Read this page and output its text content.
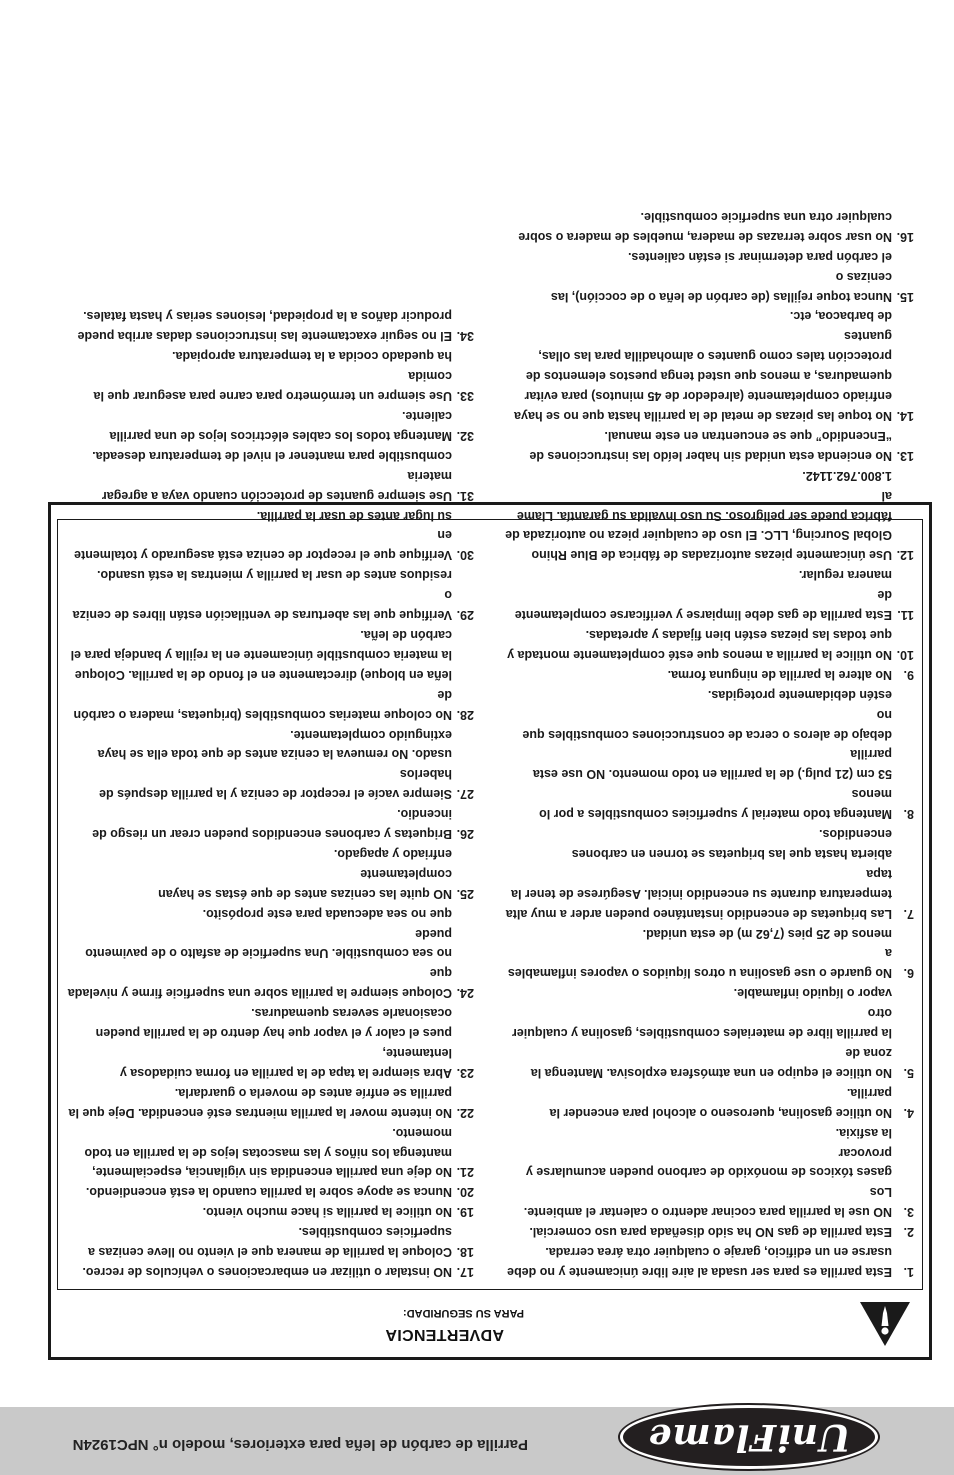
UniFlame
Parrilla de carbón de leña para exteriores, modelo n° NPC1924N
ADVERTENCIA
PARA SU SEGURIDAD:
1.
Esta parrilla es para ser usada al aire libre únicamente y no debe
usarse en un edificio, garaje o cualquier otra área cerrada.
2.
Esta parrilla de gas NO ha sido diseñada para uso comercial.
3.
NO use la parrilla para cocinar adentro o calentar el ambiente. Los
gases tóxicos de monóxido de carbono pueden acumularse y provocar
la asfixia.
4.
No utilice gasolina, queroseno o alcohol para encender la parrilla.
5.
No utilice el equipo en una atmósfera explosiva. Mantenga la zona de
la parrilla libre de materiales combustibles, gasolina y cualquier otro
vapor o líquido inflamable.
6.
No guarde o use gasolina u otros líquidos o vapores inflamables a
menos de 25 pies (7,62 m) de esta unidad.
7.
Las briquetas de encendido instantáneo pueden arder a muy alta
temperatura durante su encendido inicial. Asegúrese de tener la tapa
abierta hasta que las briquetas se tornen en carbones encendidos.
8.
Mantenga todo material y superficies combustibles a por lo menos
53 cm (21 pulg.) de la parrilla en todo momento. NO use esta parrilla
debajo de aleros o cerca de construcciones combustibles que no
estén debidamente protegidas.
9.
No altere la parrilla de ninguna forma.
10.
No utilice la parrilla a menos que esté completamente montada y
que todas las piezas estén bien fijadas y apretadas.
11.
Esta parrilla de gas debe limpiarse y verificarse completamente de
manera regular.
12.
Use únicamente piezas autorizadas de fábrica de Blue Rhino
Global Sourcing, LLC. El uso de cualquier pieza no autorizada de
fábrica puede ser peligroso. Su uso invalida su garantía. Llame al
1.800.762.1142.
13.
No encienda esta unidad sin haber leído las instrucciones de
“Encendido” que se encuentran en este manual.
14.
No toque las piezas de metal de la parrilla hasta que no se haya
enfriado completamente (alrededor de 45 minutos) para evitar
quemaduras, a menos que usted tenga puestos elementos de
protección tales como guantes o almohadilla para las ollas, guantes
de barbacoa, etc.
15.
Nunca toque rejillas (de carbón de leña o de cocción), las cenizas o
el carbón para determinar si están calientes.
16.
No usar sobre terrazas de madera, muebles de madera o sobre
cualquier otra una superficie combustible.
17.
NO instalar o utilizar en embarcaciones o vehículos de recreo.
18.
Coloque la parrilla de manera que el viento no lleve cenizas a
superficies combustibles.
19.
No utilice la parrilla si hace mucho viento.
20.
Nunca se apoye sobre la parrilla cuando la está encendiendo.
21.
No deje una parrilla encendida sin vigilancia, especialmente,
mantenga los niños y las mascotas lejos de la parrilla en todo
momento.
22.
No intente mover la parrilla mientras esté encendida. Deje que la
parrilla se enfríe antes de moverla o guardarla.
23.
Abra siempre la tapa de la parrilla en forma cuidadosa y lentamente,
pues el calor y el vapor que hay dentro de la parrilla pueden
ocasionarle severas quemaduras.
24.
Coloque siempre la parrilla sobre una superficie firme y nivelada que
no sea combustible. Una superficie de asfalto o de pavimento puede
que no sea adecuada para este propósito.
25.
NO quite las cenizas antes de que éstas se hayan completamente
enfriado y apagado.
26.
Briquetas y carbones encendidos pueden crear un riesgo de
incendio.
27.
Siempre vacíe el receptor de ceniza y la parrilla después de haberlos
usado. No remueva la ceniza antes de que toda ella se haya
extinguido completamente.
28.
No coloque materias combustibles (briquetas, madera o carbón de
leña en bloque) directamente en el fondo de la parrilla. Coloque
la materia combustible únicamente en la rejilla y bandeja para el
carbón de leña.
29.
Verifique que las aberturas de ventilación están libres de ceniza o
residuos antes de usar la parrilla y mientras la está usando.
30.
Verifique que el receptor de ceniza está asegurado y totalmente en
su lugar antes de usar la parrilla.
31.
Use siempre guantes de protección cuando vaya a agregar materia
combustible para mantener el nivel de temperatura deseada.
32.
Mantenga todos los cables eléctricos lejos de una parrilla caliente.
33.
Use siempre un termómetro para carne para asegurar que la comida
ha quedado cocida a la temperatura apropiada.
34.
El no seguir exactamente las instrucciones dadas arriba puede
producir daños a la propiedad, lesiones serias y hasta fatales.
